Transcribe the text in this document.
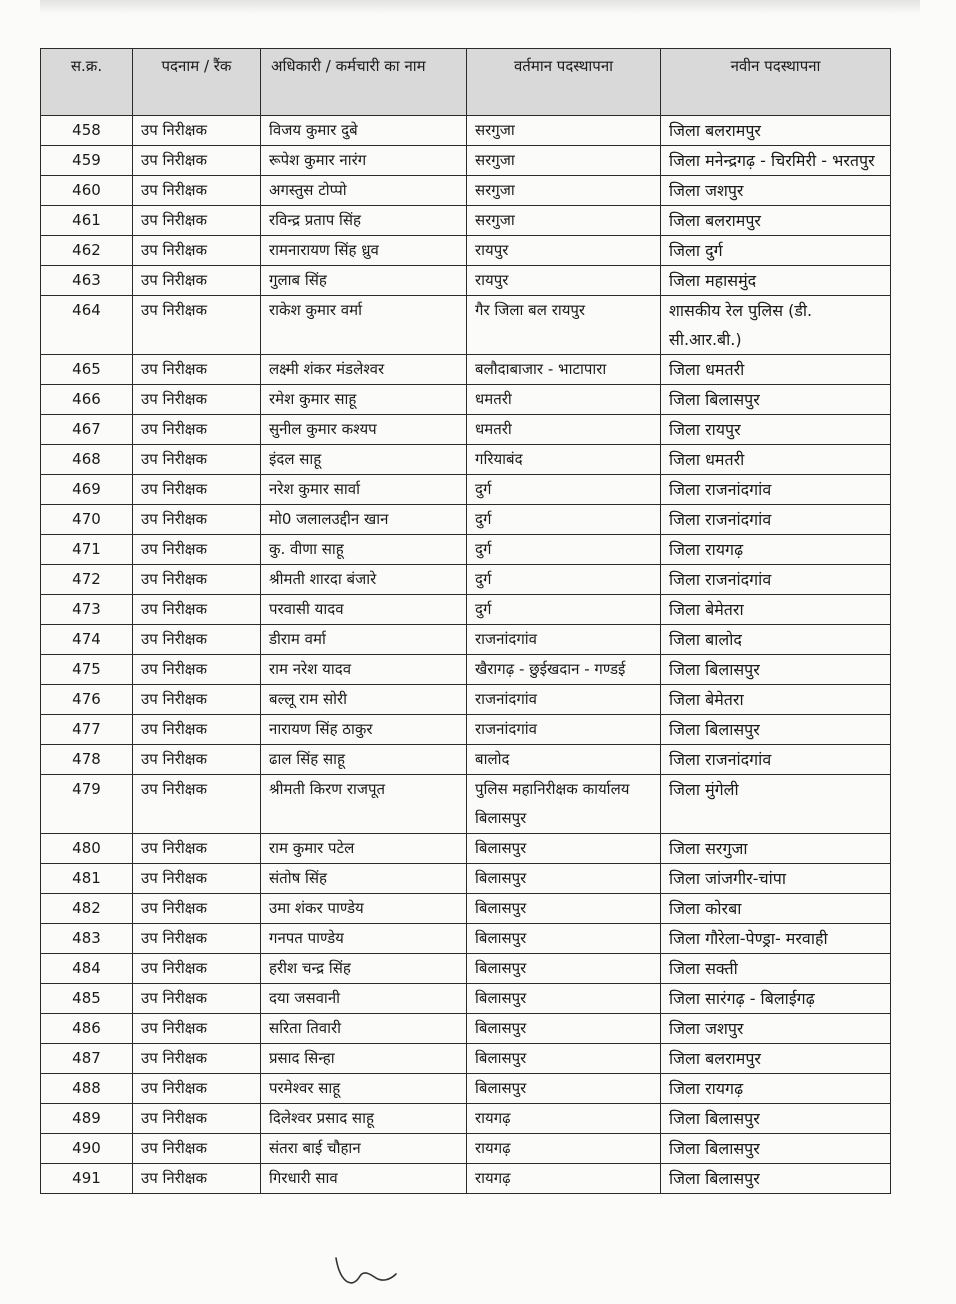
स.क्र.	पदनाम / रैंक	अधिकारी / कर्मचारी का नाम	वर्तमान पदस्थापना	नवीन पदस्थापना
458	उप निरीक्षक	विजय कुमार दुबे	सरगुजा	जिला बलरामपुर
459	उप निरीक्षक	रूपेश कुमार नारंग	सरगुजा	जिला मनेन्द्रगढ़ - चिरमिरी - भरतपुर
460	उप निरीक्षक	अगस्तुस टोप्पो	सरगुजा	जिला जशपुर
461	उप निरीक्षक	रविन्द्र प्रताप सिंह	सरगुजा	जिला बलरामपुर
462	उप निरीक्षक	रामनारायण सिंह ध्रुव	रायपुर	जिला दुर्ग
463	उप निरीक्षक	गुलाब सिंह	रायपुर	जिला महासमुंद
464	उप निरीक्षक	राकेश कुमार वर्मा	गैर जिला बल रायपुर	शासकीय रेल पुलिस (डी. सी.आर.बी.)
465	उप निरीक्षक	लक्ष्मी शंकर मंडलेश्वर	बलौदाबाजार - भाटापारा	जिला धमतरी
466	उप निरीक्षक	रमेश कुमार साहू	धमतरी	जिला बिलासपुर
467	उप निरीक्षक	सुनील कुमार कश्यप	धमतरी	जिला रायपुर
468	उप निरीक्षक	इंदल साहू	गरियाबंद	जिला धमतरी
469	उप निरीक्षक	नरेश कुमार सार्वा	दुर्ग	जिला राजनांदगांव
470	उप निरीक्षक	मो0 जलालउद्दीन खान	दुर्ग	जिला राजनांदगांव
471	उप निरीक्षक	कु. वीणा साहू	दुर्ग	जिला रायगढ़
472	उप निरीक्षक	श्रीमती शारदा बंजारे	दुर्ग	जिला राजनांदगांव
473	उप निरीक्षक	परवासी यादव	दुर्ग	जिला बेमेतरा
474	उप निरीक्षक	डीराम वर्मा	राजनांदगांव	जिला बालोद
475	उप निरीक्षक	राम नरेश यादव	खैरागढ़ - छुईखदान - गण्डई	जिला बिलासपुर
476	उप निरीक्षक	बल्लू राम सोरी	राजनांदगांव	जिला बेमेतरा
477	उप निरीक्षक	नारायण सिंह ठाकुर	राजनांदगांव	जिला बिलासपुर
478	उप निरीक्षक	ढाल सिंह साहू	बालोद	जिला राजनांदगांव
479	उप निरीक्षक	श्रीमती किरण राजपूत	पुलिस महानिरीक्षक कार्यालय बिलासपुर	जिला मुंगेली
480	उप निरीक्षक	राम कुमार पटेल	बिलासपुर	जिला सरगुजा
481	उप निरीक्षक	संतोष सिंह	बिलासपुर	जिला जांजगीर-चांपा
482	उप निरीक्षक	उमा शंकर पाण्डेय	बिलासपुर	जिला कोरबा
483	उप निरीक्षक	गनपत पाण्डेय	बिलासपुर	जिला गौरेला-पेण्ड्रा- मरवाही
484	उप निरीक्षक	हरीश चन्द्र सिंह	बिलासपुर	जिला सक्ती
485	उप निरीक्षक	दया जसवानी	बिलासपुर	जिला सारंगढ़ - बिलाईगढ़
486	उप निरीक्षक	सरिता तिवारी	बिलासपुर	जिला जशपुर
487	उप निरीक्षक	प्रसाद सिन्हा	बिलासपुर	जिला बलरामपुर
488	उप निरीक्षक	परमेश्वर साहू	बिलासपुर	जिला रायगढ़
489	उप निरीक्षक	दिलेश्वर प्रसाद साहू	रायगढ़	जिला बिलासपुर
490	उप निरीक्षक	संतरा बाई चौहान	रायगढ़	जिला बिलासपुर
491	उप निरीक्षक	गिरधारी साव	रायगढ़	जिला बिलासपुर
